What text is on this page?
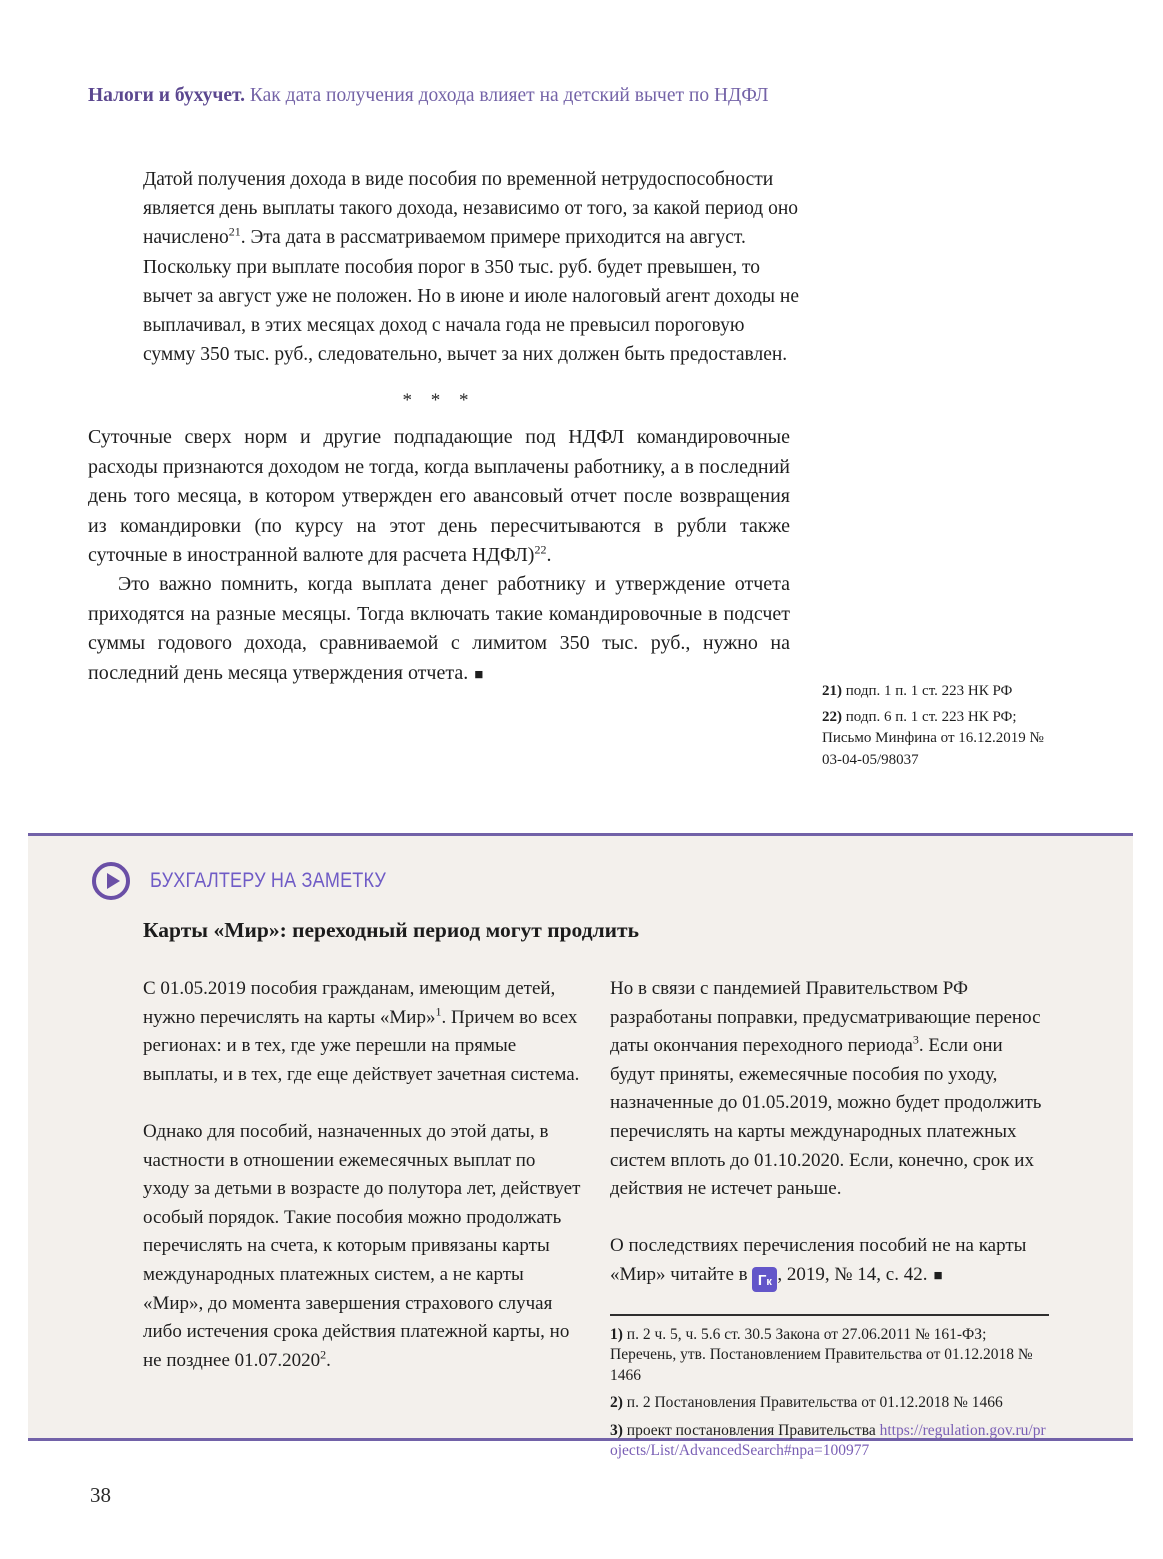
Налоги и бухучет. Как дата получения дохода влияет на детский вычет по НДФЛ

Датой получения дохода в виде пособия по временной нетрудоспособности является день выплаты такого дохода, независимо от того, за какой период оно начислено$^{21}$. Эта дата в рассматриваемом примере приходится на август. Поскольку при выплате пособия порог в 350 тыс. руб. будет превышен, то вычет за август уже не положен. Но в июне и июле налоговый агент доходы не выплачивал, в этих месяцах доход с начала года не превысил пороговую сумму 350 тыс. руб., следовательно, вычет за них должен быть предоставлен.

* * *

Суточные сверх норм и другие подпадающие под НДФЛ командировочные расходы признаются доходом не тогда, когда выплачены работнику, а в последний день того месяца, в котором утвержден его авансовый отчет после возвращения из командировки (по курсу на этот день пересчитываются в рубли также суточные в иностранной валюте для расчета НДФЛ)$^{22}$.

Это важно помнить, когда выплата денег работнику и утверждение отчета приходятся на разные месяцы. Тогда включать такие командировочные в подсчет суммы годового дохода, сравниваемой с лимитом 350 тыс. руб., нужно на последний день месяца утверждения отчета. ■

21) подп. 1 п. 1 ст. 223 НК РФ
22) подп. 6 п. 1 ст. 223 НК РФ; Письмо Минфина от 16.12.2019 № 03-04-05/98037
БУХГАЛТЕРУ НА ЗАМЕТКУ
Карты «Мир»: переходный период могут продлить

С 01.05.2019 пособия гражданам, имеющим детей, нужно перечислять на карты «Мир»$^1$. Причем во всех регионах: и в тех, где уже перешли на прямые выплаты, и в тех, где еще действует зачетная система.

Однако для пособий, назначенных до этой даты, в частности в отношении ежемесячных выплат по уходу за детьми в возрасте до полутора лет, действует особый порядок. Такие пособия можно продолжать перечислять на счета, к которым привязаны карты международных платежных систем, а не карты «Мир», до момента завершения страхового случая либо истечения срока действия платежной карты, но не позднее 01.07.2020$^2$.

Но в связи с пандемией Правительством РФ разработаны поправки, предусматривающие перенос даты окончания переходного периода$^3$. Если они будут приняты, ежемесячные пособия по уходу, назначенные до 01.05.2019, можно будет продолжить перечислять на карты международных платежных систем вплоть до 01.10.2020. Если, конечно, срок их действия не истечет раньше.

О последствиях перечисления пособий не на карты «Мир» читайте в Гк , 2019, № 14, с. 42. ■

1) п. 2 ч. 5, ч. 5.6 ст. 30.5 Закона от 27.06.2011 № 161-ФЗ; Перечень, утв. Постановлением Правительства от 01.12.2018 № 1466
2) п. 2 Постановления Правительства от 01.12.2018 № 1466
3) проект постановления Правительства https://regulation.gov.ru/projects/List/AdvancedSearch#npa=100977
38
